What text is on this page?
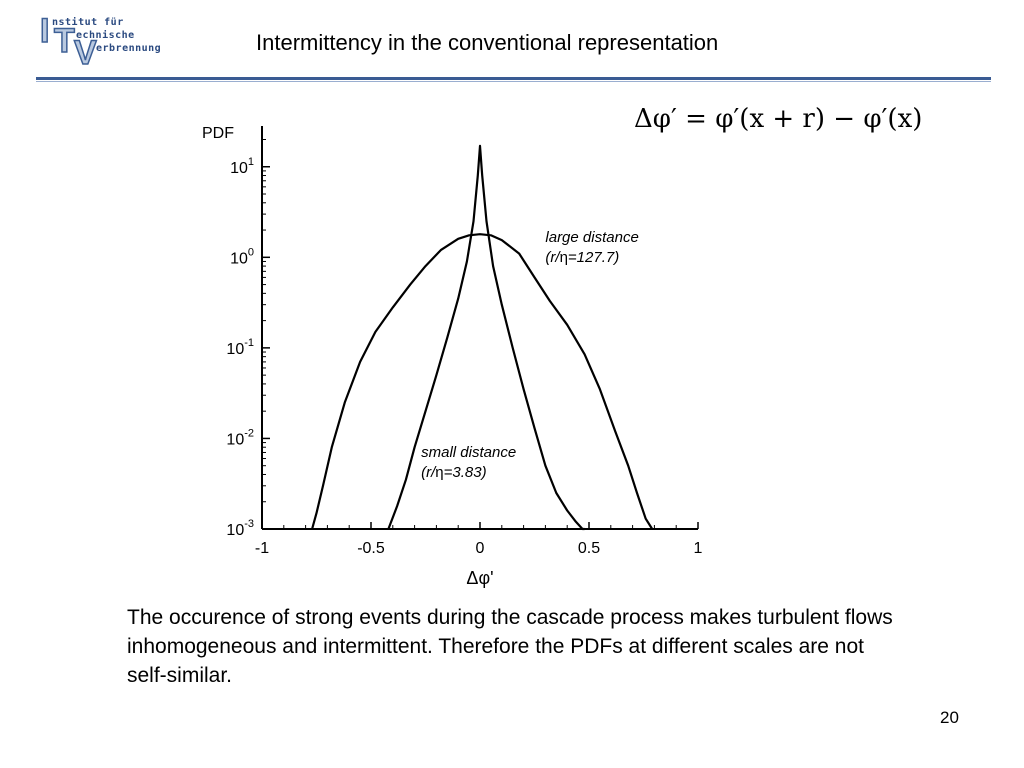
I T V
nstitut für
echnische
erbrennung	Intermittency in the conventional representation
Δφ′ = φ′(x + r) − φ′(x)
-1	-0.5	0	0.5	1
$10^1$
$10^0$
$10^{-1}$
$10^{-2}$
$10^{-3}$
PDF
Δφ'
large distance
(r/η=127.7)
small distance
(r/η=3.83)
The occurence of strong events during the cascade process makes turbulent flows inhomogeneous and intermittent. Therefore the PDFs at different scales are not self-similar.
20
